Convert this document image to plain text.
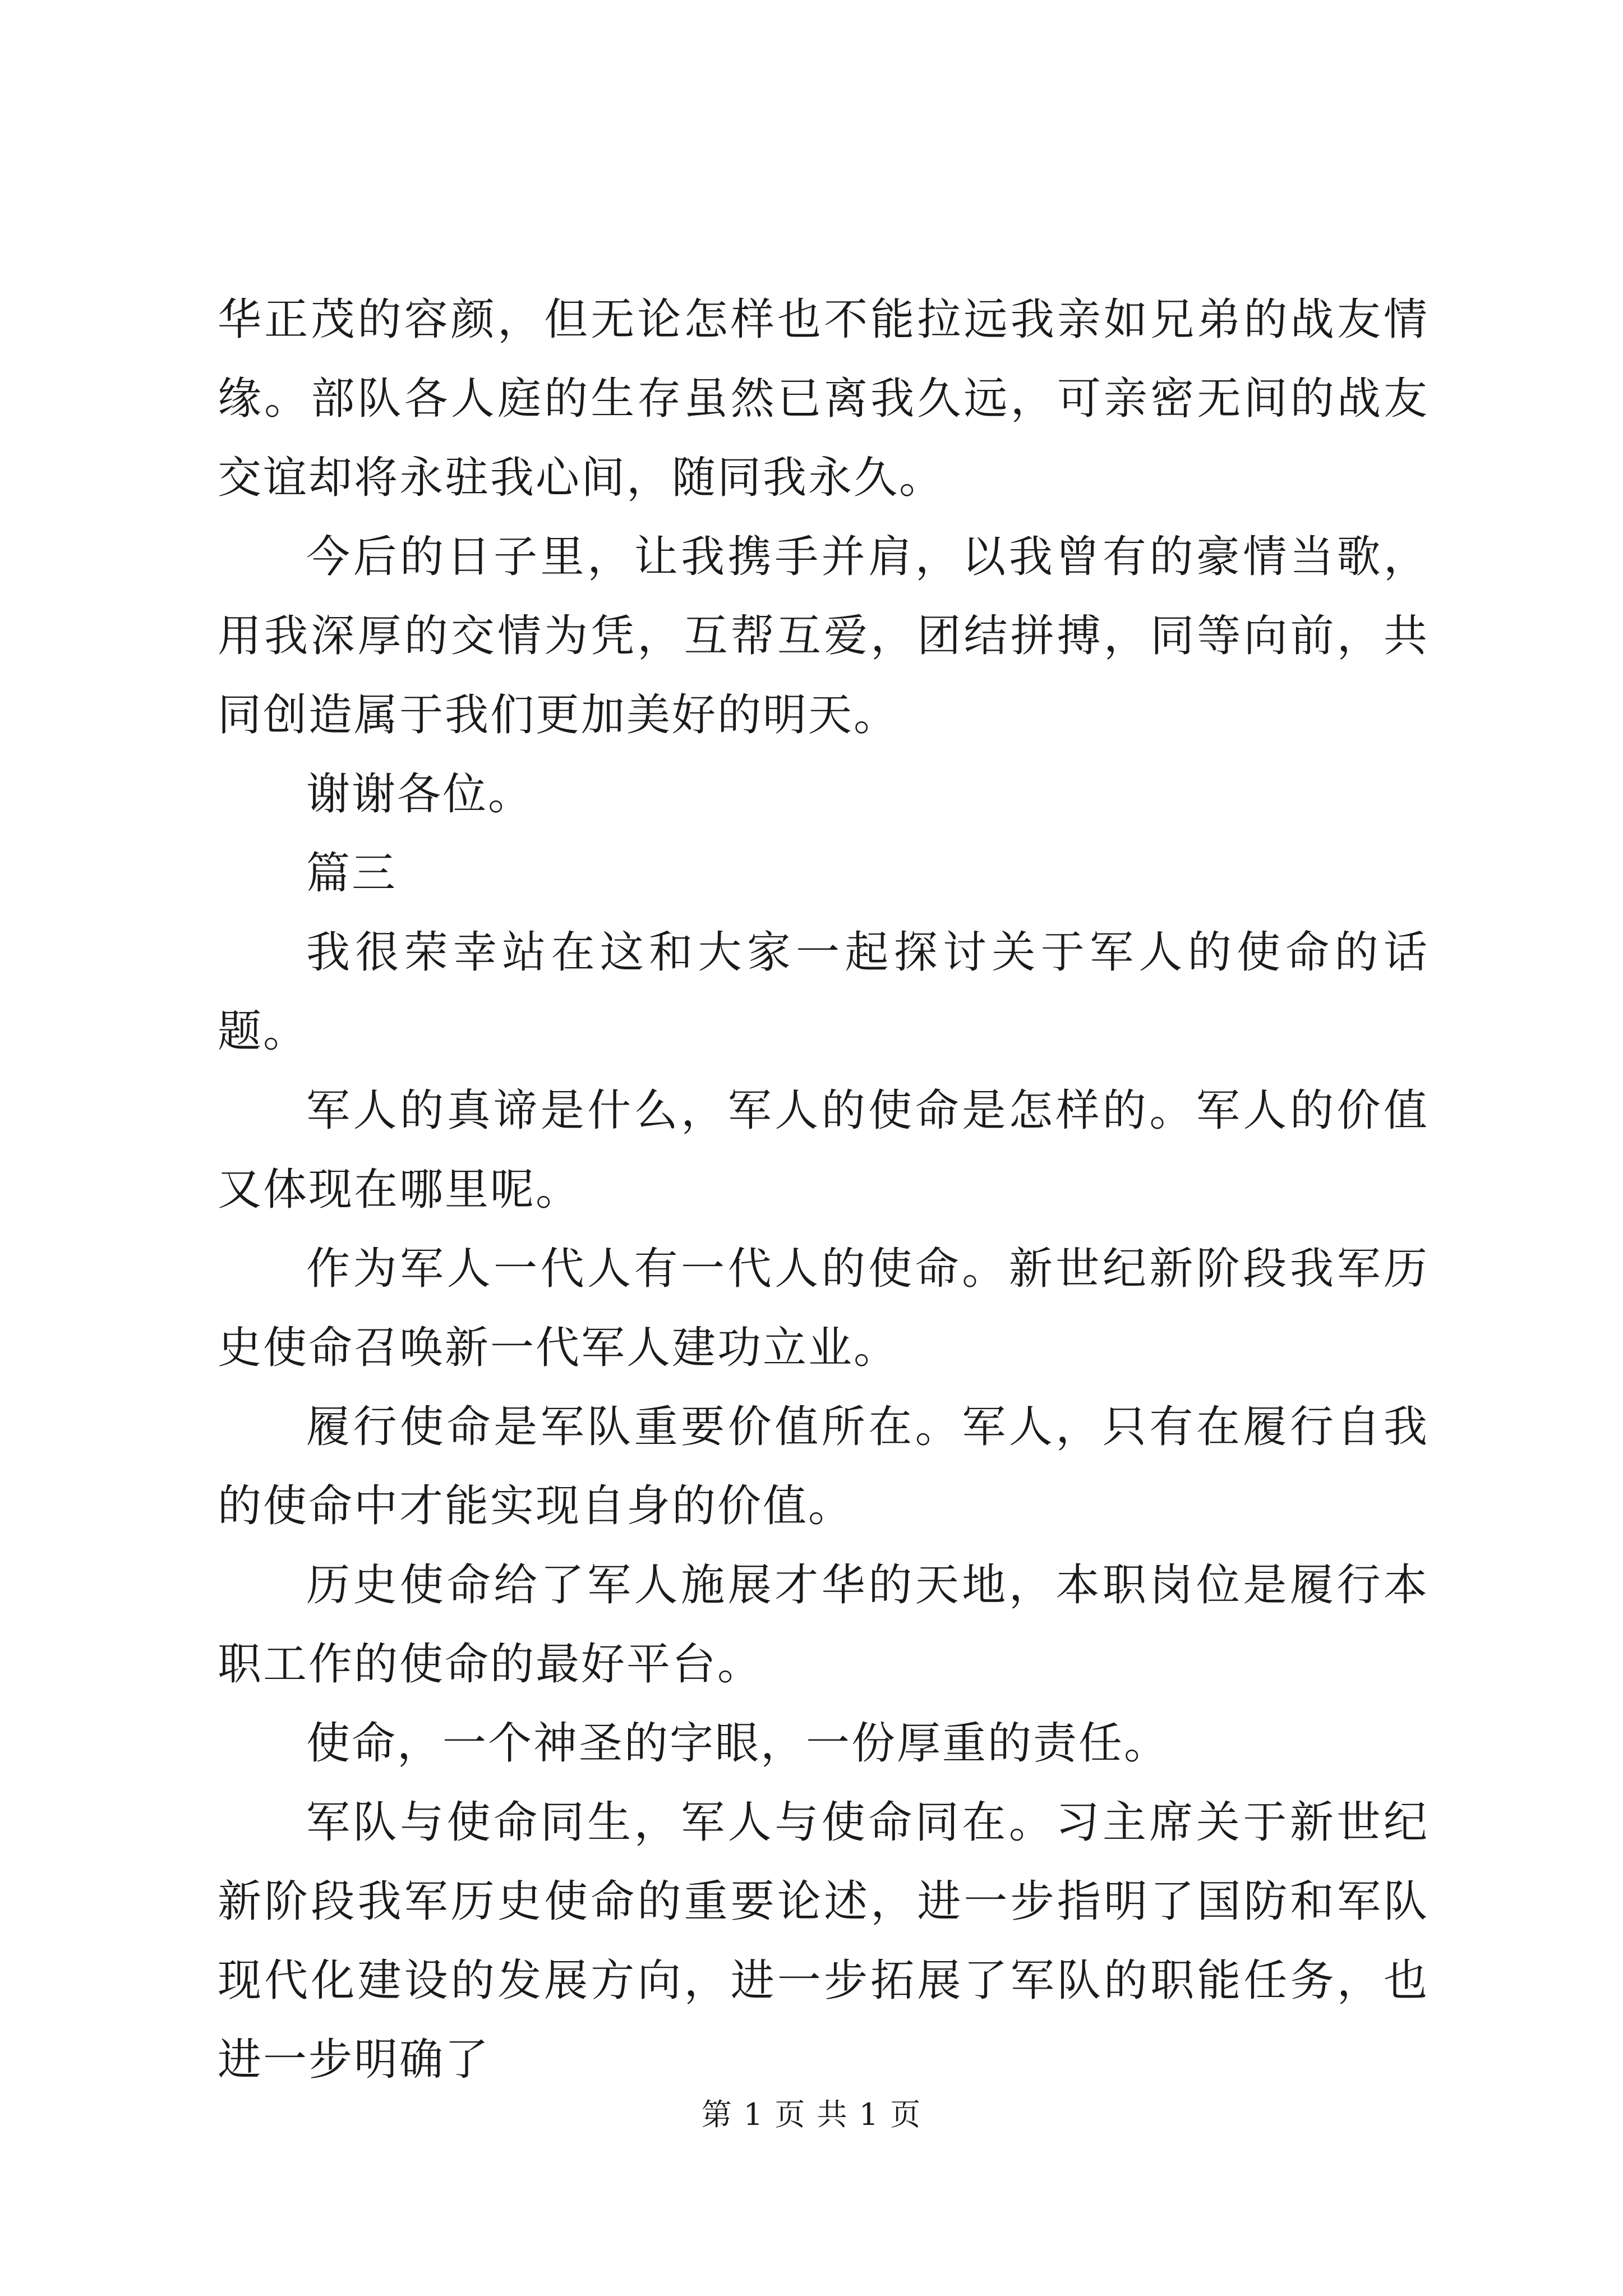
华正茂的容颜，但无论怎样也不能拉远我亲如兄弟的战友情缘。部队各人庭的生存虽然已离我久远，可亲密无间的战友交谊却将永驻我心间，随同我永久。

今后的日子里，让我携手并肩，以我曾有的豪情当歌，用我深厚的交情为凭，互帮互爱，团结拼搏，同等向前，共同创造属于我们更加美好的明天。

谢谢各位。

篇三

我很荣幸站在这和大家一起探讨关于军人的使命的话题。

军人的真谛是什么，军人的使命是怎样的。军人的价值又体现在哪里呢。

作为军人一代人有一代人的使命。新世纪新阶段我军历史使命召唤新一代军人建功立业。

履行使命是军队重要价值所在。军人，只有在履行自我的使命中才能实现自身的价值。

历史使命给了军人施展才华的天地，本职岗位是履行本职工作的使命的最好平台。

使命，一个神圣的字眼，一份厚重的责任。

军队与使命同生，军人与使命同在。习主席关于新世纪新阶段我军历史使命的重要论述，进一步指明了国防和军队现代化建设的发展方向，进一步拓展了军队的职能任务，也进一步明确了

第 1 页 共 1 页
